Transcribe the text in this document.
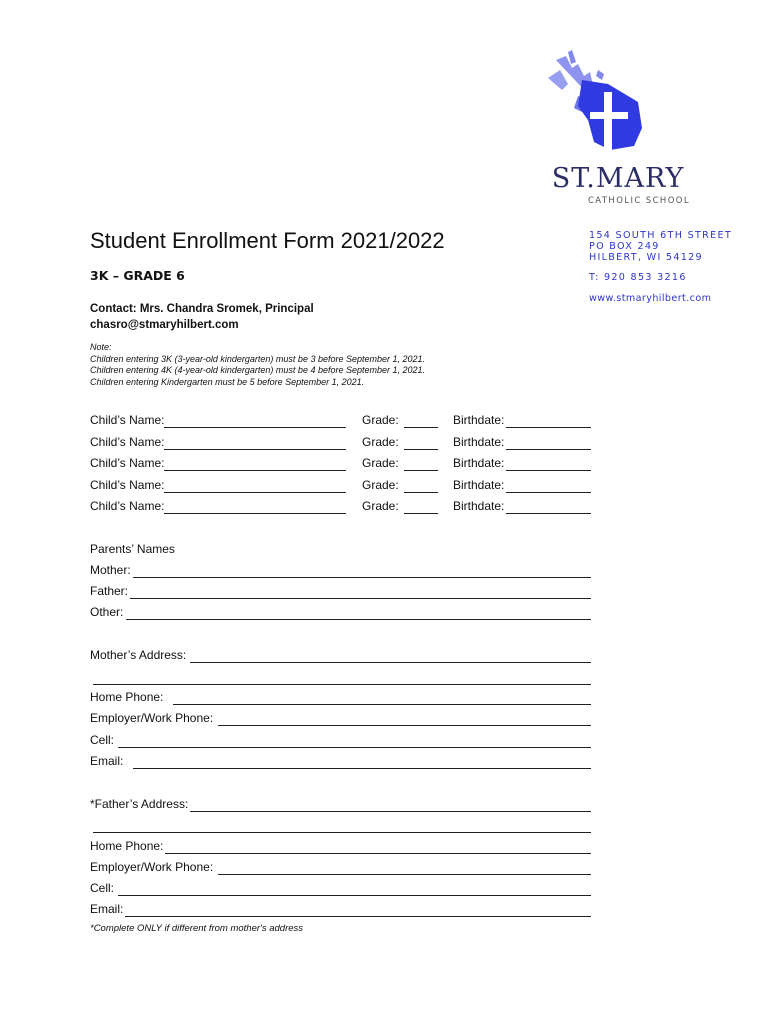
ST.MARY
CATHOLIC SCHOOL
154 SOUTH 6TH STREET
PO BOX 249
HILBERT, WI 54129
T: 920 853 3216
www.stmaryhilbert.com
Student Enrollment Form 2021/2022
3K – GRADE 6
Contact: Mrs. Chandra Sromek, Principal
chasro@stmaryhilbert.com
Note:
Children entering 3K (3-year-old kindergarten) must be 3 before September 1, 2021.
Children entering 4K (4-year-old kindergarten) must be 4 before September 1, 2021.
Children entering Kindergarten must be 5 before September 1, 2021.
Child’s Name:	Grade:	Birthdate:
Child’s Name:	Grade:	Birthdate:
Child’s Name:	Grade:	Birthdate:
Child’s Name:	Grade:	Birthdate:
Child’s Name:	Grade:	Birthdate:
Parents’ Names
Mother:
Father:
Other:
Mother’s Address:
Home Phone:
Employer/Work Phone:
Cell:
Email:
*Father’s Address:
Home Phone:
Employer/Work Phone:
Cell:
Email:
*Complete ONLY if different from mother's address
